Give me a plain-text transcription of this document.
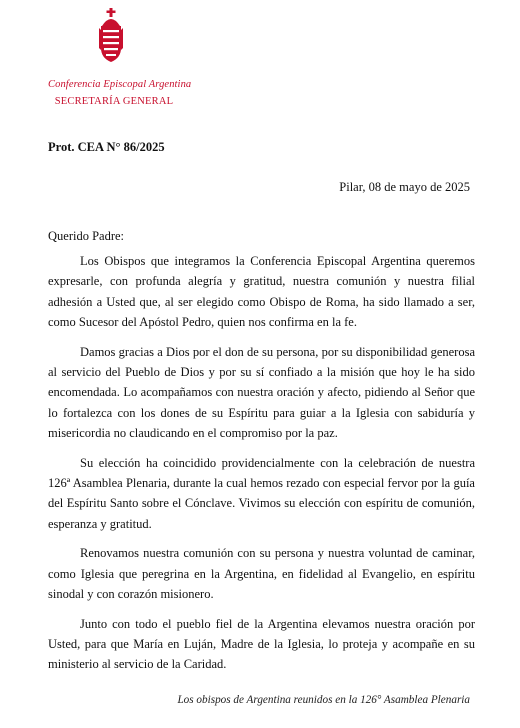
Conferencia Episcopal Argentina
SECRETARÍA GENERAL
Prot. CEA N° 86/2025
Pilar, 08 de mayo de 2025
Querido Padre:

Los Obispos que integramos la Conferencia Episcopal Argentina queremos expresarle, con profunda alegría y gratitud, nuestra comunión y nuestra filial adhesión a Usted que, al ser elegido como Obispo de Roma, ha sido llamado a ser, como Sucesor del Apóstol Pedro, quien nos confirma en la fe.

Damos gracias a Dios por el don de su persona, por su disponibilidad generosa al servicio del Pueblo de Dios y por su sí confiado a la misión que hoy le ha sido encomendada. Lo acompañamos con nuestra oración y afecto, pidiendo al Señor que lo fortalezca con los dones de su Espíritu para guiar a la Iglesia con sabiduría y misericordia no claudicando en el compromiso por la paz.

Su elección ha coincidido providencialmente con la celebración de nuestra 126ª Asamblea Plenaria, durante la cual hemos rezado con especial fervor por la guía del Espíritu Santo sobre el Cónclave. Vivimos su elección con espíritu de comunión, esperanza y gratitud.

Renovamos nuestra comunión con su persona y nuestra voluntad de caminar, como Iglesia que peregrina en la Argentina, en fidelidad al Evangelio, en espíritu sinodal y con corazón misionero.

Junto con todo el pueblo fiel de la Argentina elevamos nuestra oración por Usted, para que María en Luján, Madre de la Iglesia, lo proteja y acompañe en su ministerio al servicio de la Caridad.

Los obispos de Argentina reunidos en la 126° Asamblea Plenaria
